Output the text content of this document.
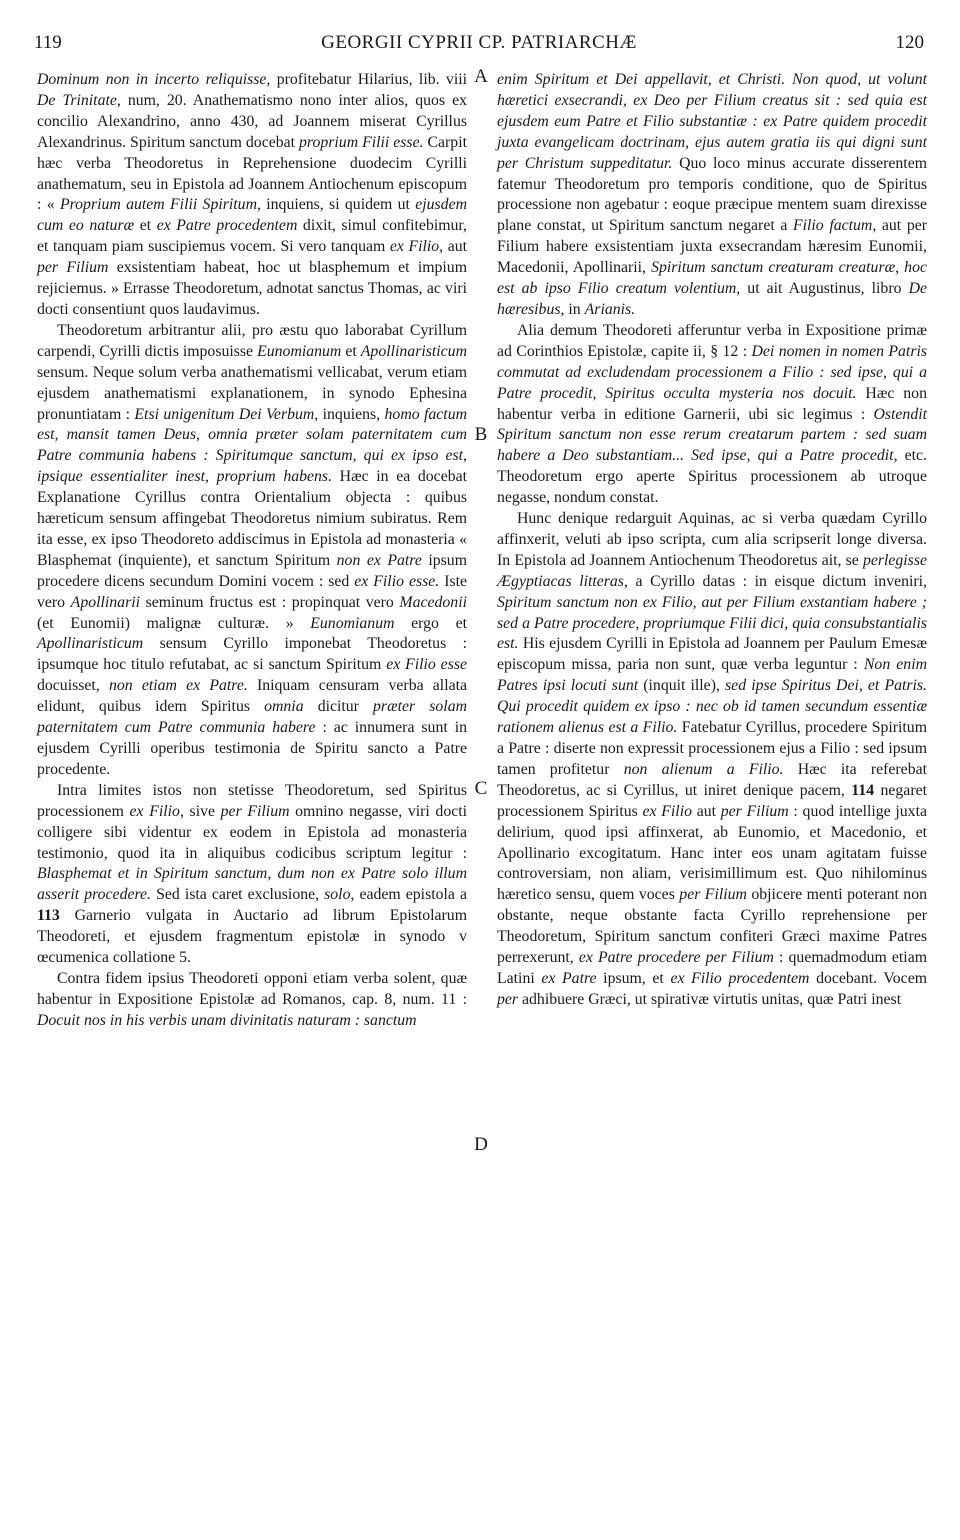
119	GEORGII CYPRII CP. PATRIARCHÆ	120

Dominum non in incerto reliquisse, profitebatur Hilarius, lib. viii De Trinitate, num, 20. Anathematismo nono inter alios, quos ex concilio Alexandrino, anno 430, ad Joannem miserat Cyrillus Alexandrinus. Spiritum sanctum docebat proprium Filii esse. Carpit hæc verba Theodoretus in Reprehensione duodecim Cyrilli anathematum, seu in Epistola ad Joannem Antiochenum episcopum : « Proprium autem Filii Spiritum, inquiens, si quidem ut ejusdem cum eo naturæ et ex Patre procedentem dixit, simul confitebimur, et tanquam piam suscipiemus vocem. Si vero tanquam ex Filio, aut per Filium exsistentiam habeat, hoc ut blasphemum et impium rejiciemus. » Errasse Theodoretum, adnotat sanctus Thomas, ac viri docti consentiunt quos laudavimus.

Theodoretum arbitrantur alii, pro æstu quo laborabat Cyrillum carpendi, Cyrilli dictis imposuisse Eunomianum et Apollinaristicum sensum. Neque solum verba anathematismi vellicabat, verum etiam ejusdem anathematismi explanationem, in synodo Ephesina pronuntiatam : Etsi unigenitum Dei Verbum, inquiens, homo factum est, mansit tamen Deus, omnia præter solam paternitatem cum Patre communia habens : Spiritumque sanctum, qui ex ipso est, ipsique essentialiter inest, proprium habens. Hæc in ea docebat Explanatione Cyrillus contra Orientalium objecta : quibus hæreticum sensum affingebat Theodoretus nimium subiratus. Rem ita esse, ex ipso Theodoreto addiscimus in Epistola ad monasteria « Blasphemat (inquiente), et sanctum Spiritum non ex Patre ipsum procedere dicens secundum Domini vocem : sed ex Filio esse. Iste vero Apollinarii seminum fructus est : propinquat vero Macedonii (et Eunomii) malignæ culturæ. » Eunomianum ergo et Apollinaristicum sensum Cyrillo imponebat Theodoretus : ipsumque hoc titulo refutabat, ac si sanctum Spiritum ex Filio esse docuisset, non etiam ex Patre. Iniquam censuram verba allata elidunt, quibus idem Spiritus omnia dicitur præter solam paternitatem cum Patre communia habere : ac innumera sunt in ejusdem Cyrilli operibus testimonia de Spiritu sancto a Patre procedente.

Intra limites istos non stetisse Theodoretum, sed Spiritus processionem ex Filio, sive per Filium omnino negasse, viri docti colligere sibi videntur ex eodem in Epistola ad monasteria testimonio, quod ita in aliquibus codicibus scriptum legitur : Blasphemat et in Spiritum sanctum, dum non ex Patre solo illum asserit procedere. Sed ista caret exclusione, solo, eadem epistola a 113 Garnerio vulgata in Auctario ad librum Epistolarum Theodoreti, et ejusdem fragmentum epistolæ in synodo v œcumenica collatione 5.

Contra fidem ipsius Theodoreti opponi etiam verba solent, quæ habentur in Expositione Epistolæ ad Romanos, cap. 8, num. 11 : Docuit nos in his verbis unam divinitatis naturam : sanctum

enim Spiritum et Dei appellavit, et Christi. Non quod, ut volunt hæretici exsecrandi, ex Deo per Filium creatus sit : sed quia est ejusdem eum Patre et Filio substantiæ : ex Patre quidem procedit juxta evangelicam doctrinam, ejus autem gratia iis qui digni sunt per Christum suppeditatur. Quo loco minus accurate disserentem fatemur Theodoretum pro temporis conditione, quo de Spiritus processione non agebatur : eoque præcipue mentem suam direxisse plane constat, ut Spiritum sanctum negaret a Filio factum, aut per Filium habere exsistentiam juxta exsecrandam hæresim Eunomii, Macedonii, Apollinarii, Spiritum sanctum creaturam creaturæ, hoc est ab ipso Filio creatum volentium, ut ait Augustinus, libro De hæresibus, in Arianis.

Alia demum Theodoreti afferuntur verba in Expositione primæ ad Corinthios Epistolæ, capite ii, § 12 : Dei nomen in nomen Patris commutat ad excludendam processionem a Filio : sed ipse, qui a Patre procedit, Spiritus occulta mysteria nos docuit. Hæc non habentur verba in editione Garnerii, ubi sic legimus : Ostendit Spiritum sanctum non esse rerum creatarum partem : sed suam habere a Deo substantiam... Sed ipse, qui a Patre procedit, etc. Theodoretum ergo aperte Spiritus processionem ab utroque negasse, nondum constat.

Hunc denique redarguit Aquinas, ac si verba quædam Cyrillo affinxerit, veluti ab ipso scripta, cum alia scripserit longe diversa. In Epistola ad Joannem Antiochenum Theodoretus ait, se perlegisse Ægyptiacas litteras, a Cyrillo datas : in eisque dictum inveniri, Spiritum sanctum non ex Filio, aut per Filium exstantiam habere ; sed a Patre procedere, propriumque Filii dici, quia consubstantialis est. His ejusdem Cyrilli in Epistola ad Joannem per Paulum Emesæ episcopum missa, paria non sunt, quæ verba leguntur : Non enim Patres ipsi locuti sunt (inquit ille), sed ipse Spiritus Dei, et Patris. Qui procedit quidem ex ipso : nec ob id tamen secundum essentiæ rationem alienus est a Filio. Fatebatur Cyrillus, procedere Spiritum a Patre : diserte non expressit processionem ejus a Filio : sed ipsum tamen profitetur non alienum a Filio. Hæc ita referebat Theodoretus, ac si Cyrillus, ut iniret denique pacem, 114 negaret processionem Spiritus ex Filio aut per Filium : quod intellige juxta delirium, quod ipsi affinxerat, ab Eunomio, et Macedonio, et Apollinario excogitatum. Hanc inter eos unam agitatam fuisse controversiam, non aliam, verisimillimum est. Quo nihilominus hæretico sensu, quem voces per Filium objicere menti poterant non obstante, neque obstante facta Cyrillo reprehensione per Theodoretum, Spiritum sanctum confiteri Græci maxime Patres perrexerunt, ex Patre procedere per Filium : quemadmodum etiam Latini ex Patre ipsum, et ex Filio procedentem docebant. Vocem per adhibuere Græci, ut spirativæ virtutis unitas, quæ Patri inest

A
B
C
D
